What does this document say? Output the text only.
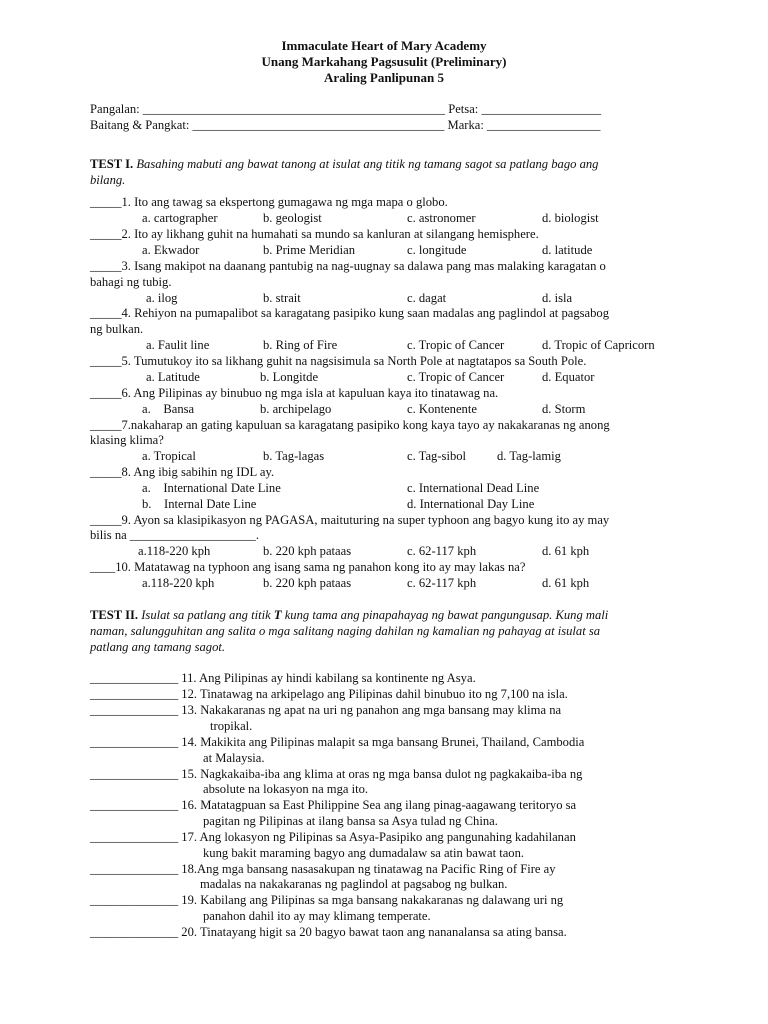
Immaculate Heart of Mary Academy
Unang Markahang Pagsusulit (Preliminary)
Araling Panlipunan 5
Pangalan: ________________________________________________ Petsa: ___________________
Baitang & Pangkat: ________________________________________ Marka: __________________
TEST I. Basahing mabuti ang bawat tanong at isulat ang titik ng tamang sagot sa patlang bago ang
bilang.
_____1. Ito ang tawag sa ekspertong gumagawa ng mga mapa o globo.
a. cartographer	b. geologist	c. astronomer	d. biologist
_____2. Ito ay likhang guhit na humahati sa mundo sa kanluran at silangang hemisphere.
a. Ekwador	b. Prime Meridian	c. longitude	d. latitude
_____3. Isang makipot na daanang pantubig na nag-uugnay sa dalawa pang mas malaking karagatan o
bahagi ng tubig.
a. ilog	b. strait	c. dagat	d. isla
_____4. Rehiyon na pumapalibot sa karagatang pasipiko kung saan madalas ang paglindol at pagsabog
ng bulkan.
a. Faulit line	b. Ring of Fire	c. Tropic of Cancer	d. Tropic of Capricorn
_____5. Tumutukoy ito sa likhang guhit na nagsisimula sa North Pole at nagtatapos sa South Pole.
a. Latitude	b. Longitde	c. Tropic of Cancer	d. Equator
_____6. Ang Pilipinas ay binubuo ng mga isla at kapuluan kaya ito tinatawag na.
a.    Bansa	b. archipelago	c. Kontenente	d. Storm
_____7.nakaharap an gating kapuluan sa karagatang pasipiko kong kaya tayo ay nakakaranas ng anong
klasing klima?
a. Tropical	b. Tag-lagas	c. Tag-sibol d. Tag-lamig
_____8. Ang ibig sabihin ng IDL ay.
a.    International Date Line	c. International Dead Line
b.    Internal Date Line	d. International Day Line
_____9. Ayon sa klasipikasyon ng PAGASA, maituturing na super typhoon ang bagyo kung ito ay may
bilis na ____________________.
a.118-220 kph	b. 220 kph pataas	c. 62-117 kph	d. 61 kph
____10. Matatawag na typhoon ang isang sama ng panahon kong ito ay may lakas na?
a.118-220 kph	b. 220 kph pataas	c. 62-117 kph	d. 61 kph
TEST II. Isulat sa patlang ang titik T kung tama ang pinapahayag ng bawat pangungusap. Kung mali
naman, salungguhitan ang salita o mga salitang naging dahilan ng kamalian ng pahayag at isulat sa
patlang ang tamang sagot.
______________ 11. Ang Pilipinas ay hindi kabilang sa kontinente ng Asya.
______________ 12. Tinatawag na arkipelago ang Pilipinas dahil binubuo ito ng 7,100 na isla.
______________ 13. Nakakaranas ng apat na uri ng panahon ang mga bansang may klima na
tropikal.
______________ 14. Makikita ang Pilipinas malapit sa mga bansang Brunei, Thailand, Cambodia
at Malaysia.
______________ 15. Nagkakaiba-iba ang klima at oras ng mga bansa dulot ng pagkakaiba-iba ng
absolute na lokasyon na mga ito.
______________ 16. Matatagpuan sa East Philippine Sea ang ilang pinag-aagawang teritoryo sa
pagitan ng Pilipinas at ilang bansa sa Asya tulad ng China.
______________ 17. Ang lokasyon ng Pilipinas sa Asya-Pasipiko ang pangunahing kadahilanan
kung bakit maraming bagyo ang dumadalaw sa atin bawat taon.
______________ 18.Ang mga bansang nasasakupan ng tinatawag na Pacific Ring of Fire ay
madalas na nakakaranas ng paglindol at pagsabog ng bulkan.
______________ 19. Kabilang ang Pilipinas sa mga bansang nakakaranas ng dalawang uri ng
panahon dahil ito ay may klimang temperate.
______________ 20. Tinatayang higit sa 20 bagyo bawat taon ang nananalansa sa ating bansa.
